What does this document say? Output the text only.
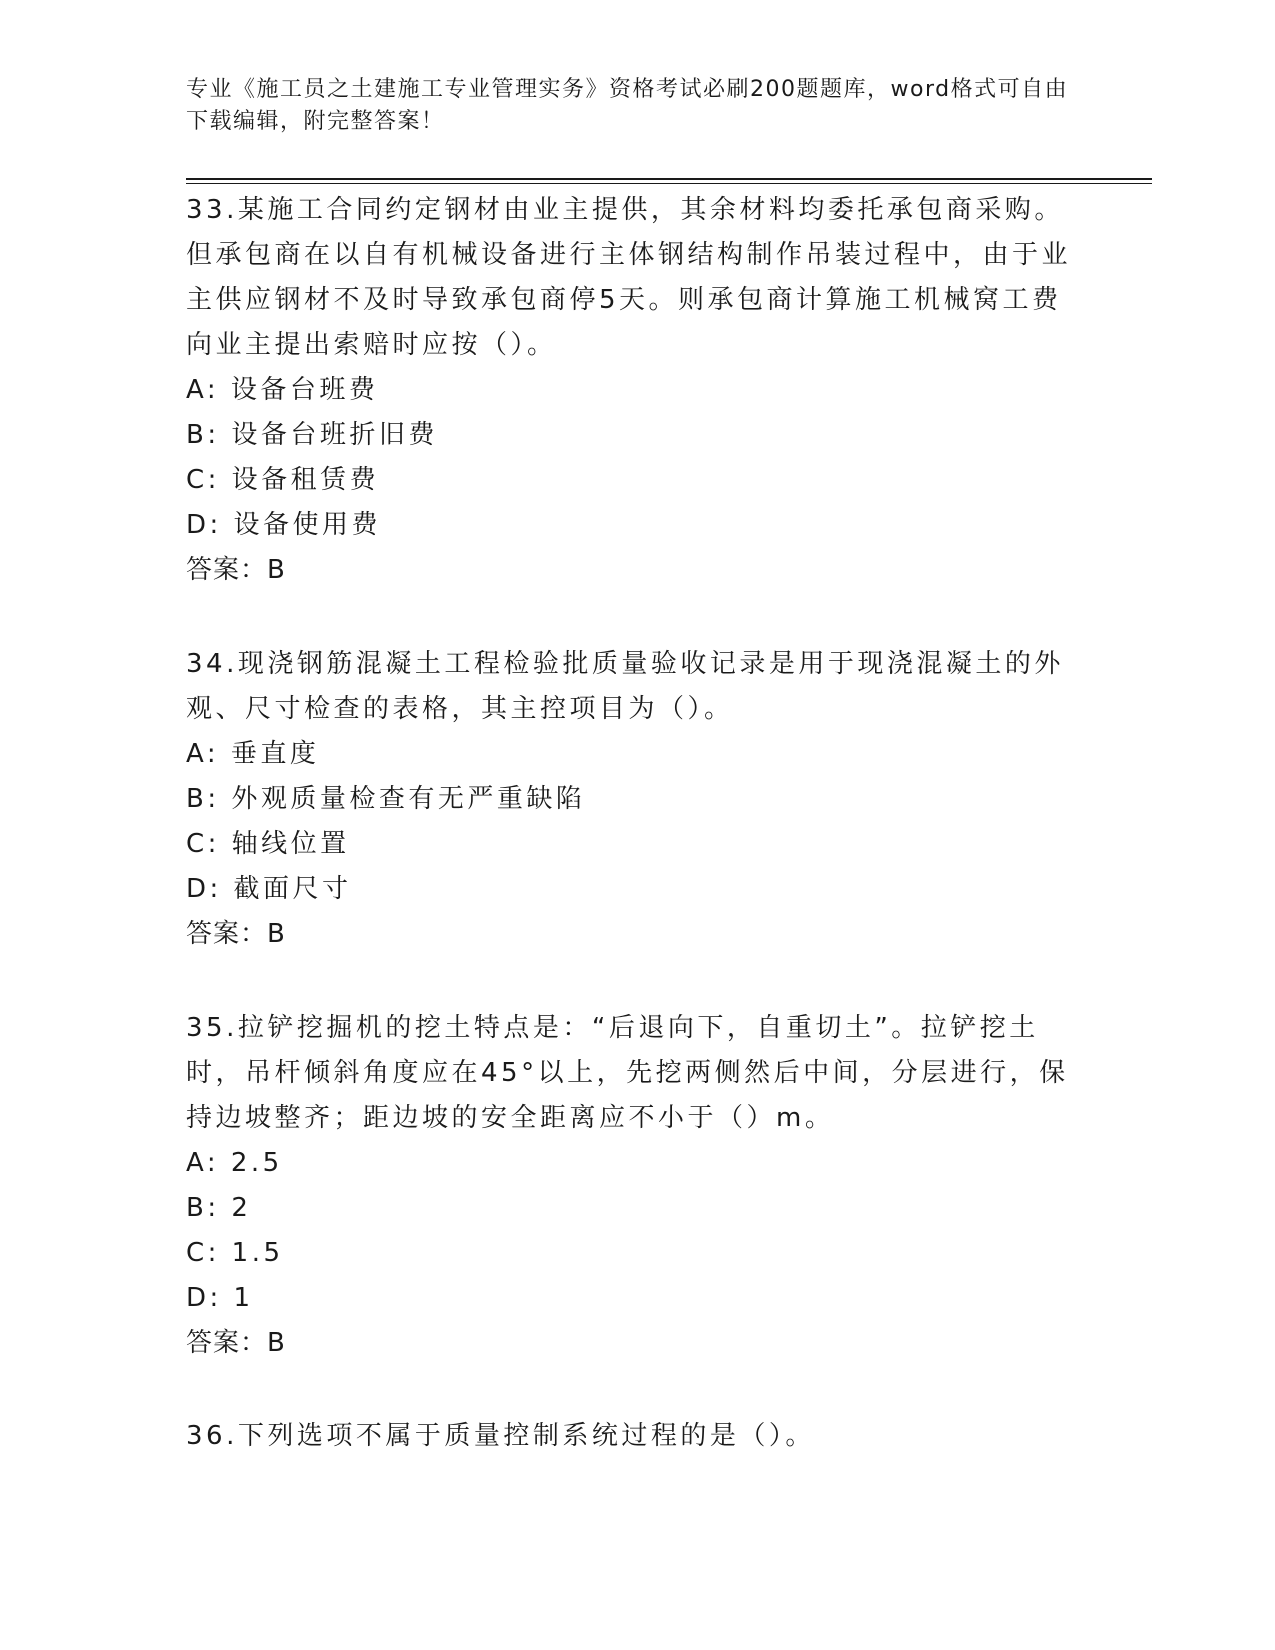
专业《施工员之土建施工专业管理实务》资格考试必刷200题题库，word格式可自由下载编辑，附完整答案！
33.某施工合同约定钢材由业主提供，其余材料均委托承包商采购。但承包商在以自有机械设备进行主体钢结构制作吊装过程中，由于业主供应钢材不及时导致承包商停5天。则承包商计算施工机械窝工费向业主提出索赔时应按（）。
A: 设备台班费
B: 设备台班折旧费
C: 设备租赁费
D: 设备使用费
答案：B
34.现浇钢筋混凝土工程检验批质量验收记录是用于现浇混凝土的外观、尺寸检查的表格，其主控项目为（）。
A: 垂直度
B: 外观质量检查有无严重缺陷
C: 轴线位置
D: 截面尺寸
答案：B
35.拉铲挖掘机的挖土特点是：“后退向下，自重切土”。拉铲挖土时，吊杆倾斜角度应在45°以上，先挖两侧然后中间，分层进行，保持边坡整齐；距边坡的安全距离应不小于（）m。
A: 2.5
B: 2
C: 1.5
D: 1
答案：B
36.下列选项不属于质量控制系统过程的是（）。
